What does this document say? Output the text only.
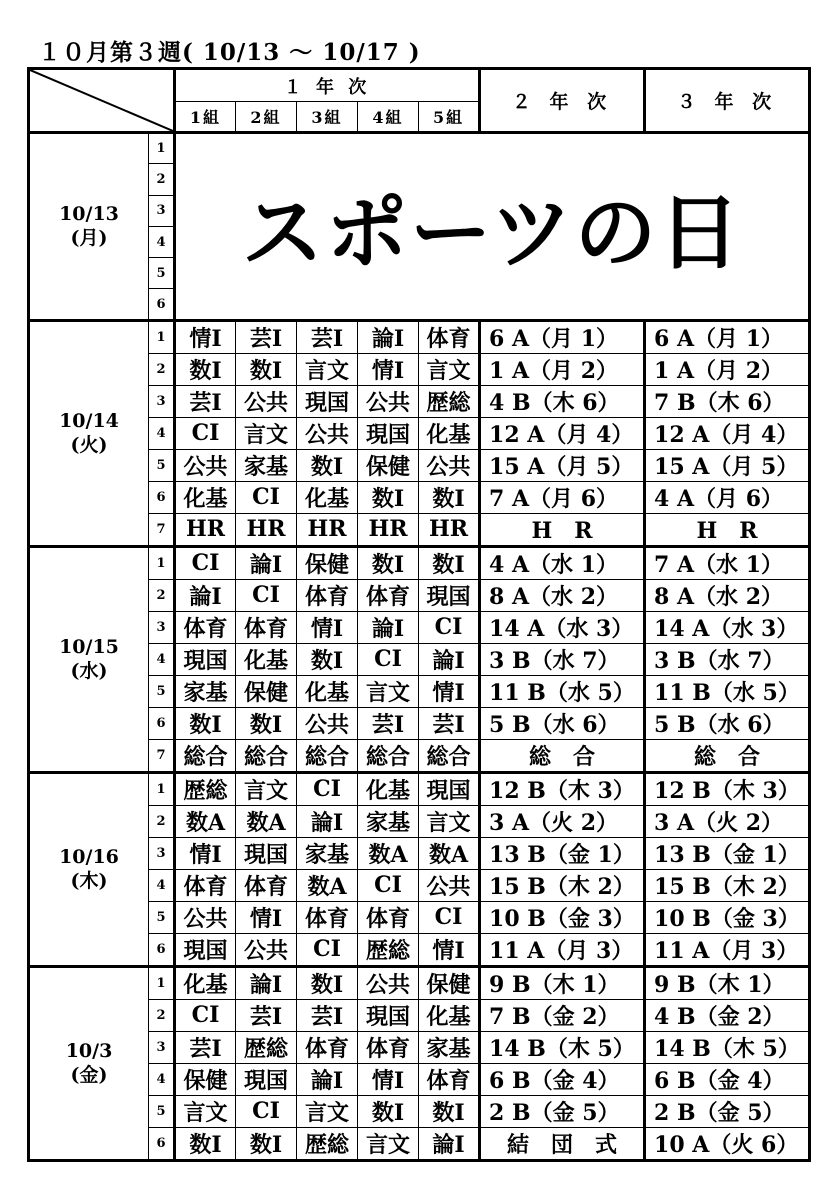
１０月第３週( 10/13 〜 10/17 )
	１ 年 次					２ 年 次	３ 年 次
		1組	2組	3組	4組	5組		

10/13
(月)	1	スポーツの日						
	2							
	3							
	4							
	5							
	6							

10/14
(火)	1	情Ⅰ	芸Ⅰ	芸Ⅰ	論Ⅰ	体育	6 A（月 1）	6 A（月 1）
	2	数Ⅰ	数Ⅰ	言文	情Ⅰ	言文	1 A（月 2）	1 A（月 2）
	3	芸Ⅰ	公共	現国	公共	歴総	4 B（木 6）	7 B（木 6）
	4	CⅠ	言文	公共	現国	化基	12 A（月 4）	12 A（月 4）
	5	公共	家基	数Ⅰ	保健	公共	15 A（月 5）	15 A（月 5）
	6	化基	CⅠ	化基	数Ⅰ	数Ⅰ	7 A（月 6）	4 A（月 6）
	7	HR	HR	HR	HR	HR	H　R	H　R

10/15
(水)	1	CⅠ	論Ⅰ	保健	数Ⅰ	数Ⅰ	4 A（水 1）	7 A（水 1）
	2	論Ⅰ	CⅠ	体育	体育	現国	8 A（水 2）	8 A（水 2）
	3	体育	体育	情Ⅰ	論Ⅰ	CⅠ	14 A（水 3）	14 A（水 3）
	4	現国	化基	数Ⅰ	CⅠ	論Ⅰ	3 B（水 7）	3 B（水 7）
	5	家基	保健	化基	言文	情Ⅰ	11 B（水 5）	11 B（水 5）
	6	数Ⅰ	数Ⅰ	公共	芸Ⅰ	芸Ⅰ	5 B（水 6）	5 B（水 6）
	7	総合	総合	総合	総合	総合	総　合	総　合

10/16
(木)	1	歴総	言文	CⅠ	化基	現国	12 B（木 3）	12 B（木 3）
	2	数A	数A	論Ⅰ	家基	言文	3 A（火 2）	3 A（火 2）
	3	情Ⅰ	現国	家基	数A	数A	13 B（金 1）	13 B（金 1）
	4	体育	体育	数A	CⅠ	公共	15 B（木 2）	15 B（木 2）
	5	公共	情Ⅰ	体育	体育	CⅠ	10 B（金 3）	10 B（金 3）
	6	現国	公共	CⅠ	歴総	情Ⅰ	11 A（月 3）	11 A（月 3）

10/3
(金)	1	化基	論Ⅰ	数Ⅰ	公共	保健	9 B（木 1）	9 B（木 1）
	2	CⅠ	芸Ⅰ	芸Ⅰ	現国	化基	7 B（金 2）	4 B（金 2）
	3	芸Ⅰ	歴総	体育	体育	家基	14 B（木 5）	14 B（木 5）
	4	保健	現国	論Ⅰ	情Ⅰ	体育	6 B（金 4）	6 B（金 4）
	5	言文	CⅠ	言文	数Ⅰ	数Ⅰ	2 B（金 5）	2 B（金 5）
	6	数Ⅰ	数Ⅰ	歴総	言文	論Ⅰ	結　団　式	10 A（火 6）
